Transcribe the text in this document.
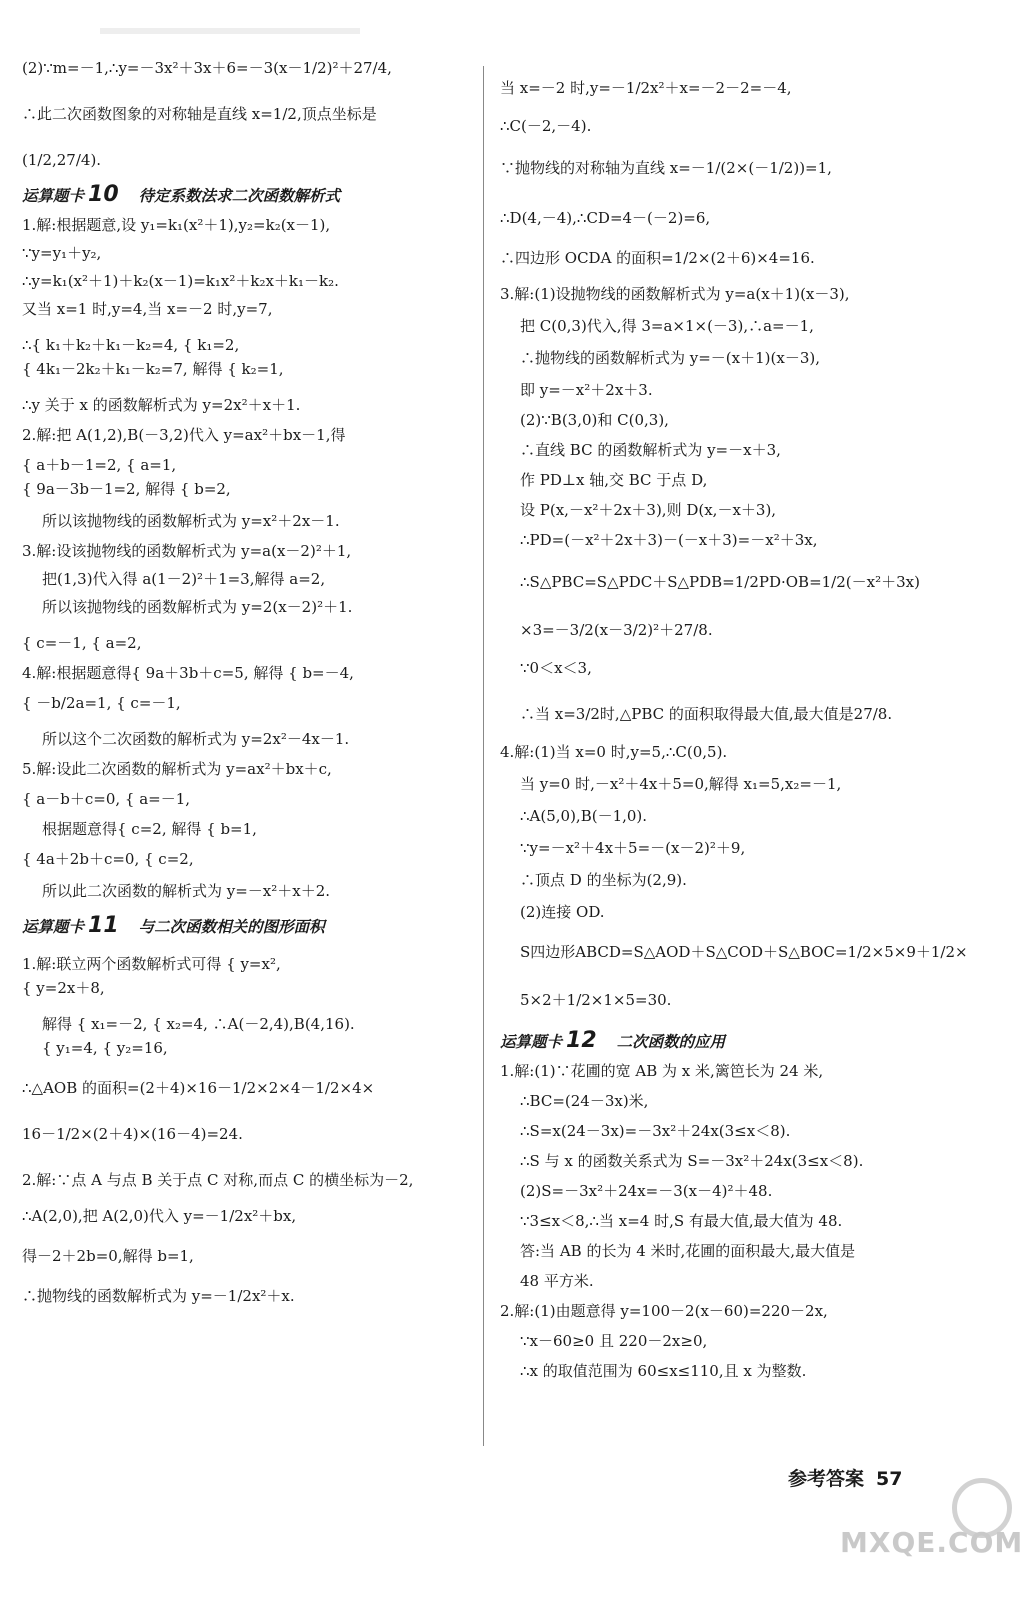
(2)∵m=－1,∴y=－3x²＋3x＋6=－3(x－1/2)²＋27/4,
∴此二次函数图象的对称轴是直线 x=1/2,顶点坐标是
(1/2,27/4).
运算题卡 10 待定系数法求二次函数解析式
1.解:根据题意,设 y₁=k₁(x²＋1),y₂=k₂(x－1),
∵y=y₁＋y₂,
∴y=k₁(x²＋1)＋k₂(x－1)=k₁x²＋k₂x＋k₁－k₂.
又当 x=1 时,y=4,当 x=－2 时,y=7,
∴{ k₁＋k₂＋k₁－k₂=4, { k₁=2,
{ 4k₁－2k₂＋k₁－k₂=7, 解得 { k₂=1,
∴y 关于 x 的函数解析式为 y=2x²＋x＋1.
2.解:把 A(1,2),B(－3,2)代入 y=ax²＋bx－1,得
{ a＋b－1=2, { a=1,
{ 9a－3b－1=2, 解得 { b=2,
所以该抛物线的函数解析式为 y=x²＋2x－1.
3.解:设该抛物线的函数解析式为 y=a(x－2)²＋1,
把(1,3)代入得 a(1－2)²＋1=3,解得 a=2,
所以该抛物线的函数解析式为 y=2(x－2)²＋1.
{ c=－1, { a=2,
4.解:根据题意得{ 9a＋3b＋c=5, 解得 { b=－4,
{ －b/2a=1, { c=－1,
所以这个二次函数的解析式为 y=2x²－4x－1.
5.解:设此二次函数的解析式为 y=ax²＋bx＋c,
{ a－b＋c=0, { a=－1,
根据题意得{ c=2, 解得 { b=1,
{ 4a＋2b＋c=0, { c=2,
所以此二次函数的解析式为 y=－x²＋x＋2.
运算题卡 11 与二次函数相关的图形面积
1.解:联立两个函数解析式可得 { y=x²,
{ y=2x＋8,
解得 { x₁=－2, { x₂=4, ∴A(－2,4),B(4,16).
{ y₁=4, { y₂=16,
∴△AOB 的面积=(2＋4)×16－1/2×2×4－1/2×4×
16－1/2×(2＋4)×(16－4)=24.
2.解:∵点 A 与点 B 关于点 C 对称,而点 C 的横坐标为－2,
∴A(2,0),把 A(2,0)代入 y=－1/2x²＋bx,
得－2＋2b=0,解得 b=1,
∴抛物线的函数解析式为 y=－1/2x²＋x.
当 x=－2 时,y=－1/2x²＋x=－2－2=－4,
∴C(－2,－4).
∵抛物线的对称轴为直线 x=－1/(2×(－1/2))=1,
∴D(4,－4),∴CD=4－(－2)=6,
∴四边形 OCDA 的面积=1/2×(2＋6)×4=16.
3.解:(1)设抛物线的函数解析式为 y=a(x＋1)(x－3),
把 C(0,3)代入,得 3=a×1×(－3),∴a=－1,
∴抛物线的函数解析式为 y=－(x＋1)(x－3),
即 y=－x²＋2x＋3.
(2)∵B(3,0)和 C(0,3),
∴直线 BC 的函数解析式为 y=－x＋3,
作 PD⊥x 轴,交 BC 于点 D,
设 P(x,－x²＋2x＋3),则 D(x,－x＋3),
∴PD=(－x²＋2x＋3)－(－x＋3)=－x²＋3x,
∴S△PBC=S△PDC＋S△PDB=1/2PD·OB=1/2(－x²＋3x)
×3=－3/2(x－3/2)²＋27/8.
∵0＜x＜3,
∴当 x=3/2时,△PBC 的面积取得最大值,最大值是27/8.
4.解:(1)当 x=0 时,y=5,∴C(0,5).
当 y=0 时,－x²＋4x＋5=0,解得 x₁=5,x₂=－1,
∴A(5,0),B(－1,0).
∵y=－x²＋4x＋5=－(x－2)²＋9,
∴顶点 D 的坐标为(2,9).
(2)连接 OD.
S四边形ABCD=S△AOD＋S△COD＋S△BOC=1/2×5×9＋1/2×
5×2＋1/2×1×5=30.
运算题卡 12 二次函数的应用
1.解:(1)∵花圃的宽 AB 为 x 米,篱笆长为 24 米,
∴BC=(24－3x)米,
∴S=x(24－3x)=－3x²＋24x(3≤x＜8).
∴S 与 x 的函数关系式为 S=－3x²＋24x(3≤x＜8).
(2)S=－3x²＋24x=－3(x－4)²＋48.
∵3≤x＜8,∴当 x=4 时,S 有最大值,最大值为 48.
答:当 AB 的长为 4 米时,花圃的面积最大,最大值是
48 平方米.
2.解:(1)由题意得 y=100－2(x－60)=220－2x,
∵x－60≥0 且 220－2x≥0,
∴x 的取值范围为 60≤x≤110,且 x 为整数.
参考答案 57
MXQE.COM
